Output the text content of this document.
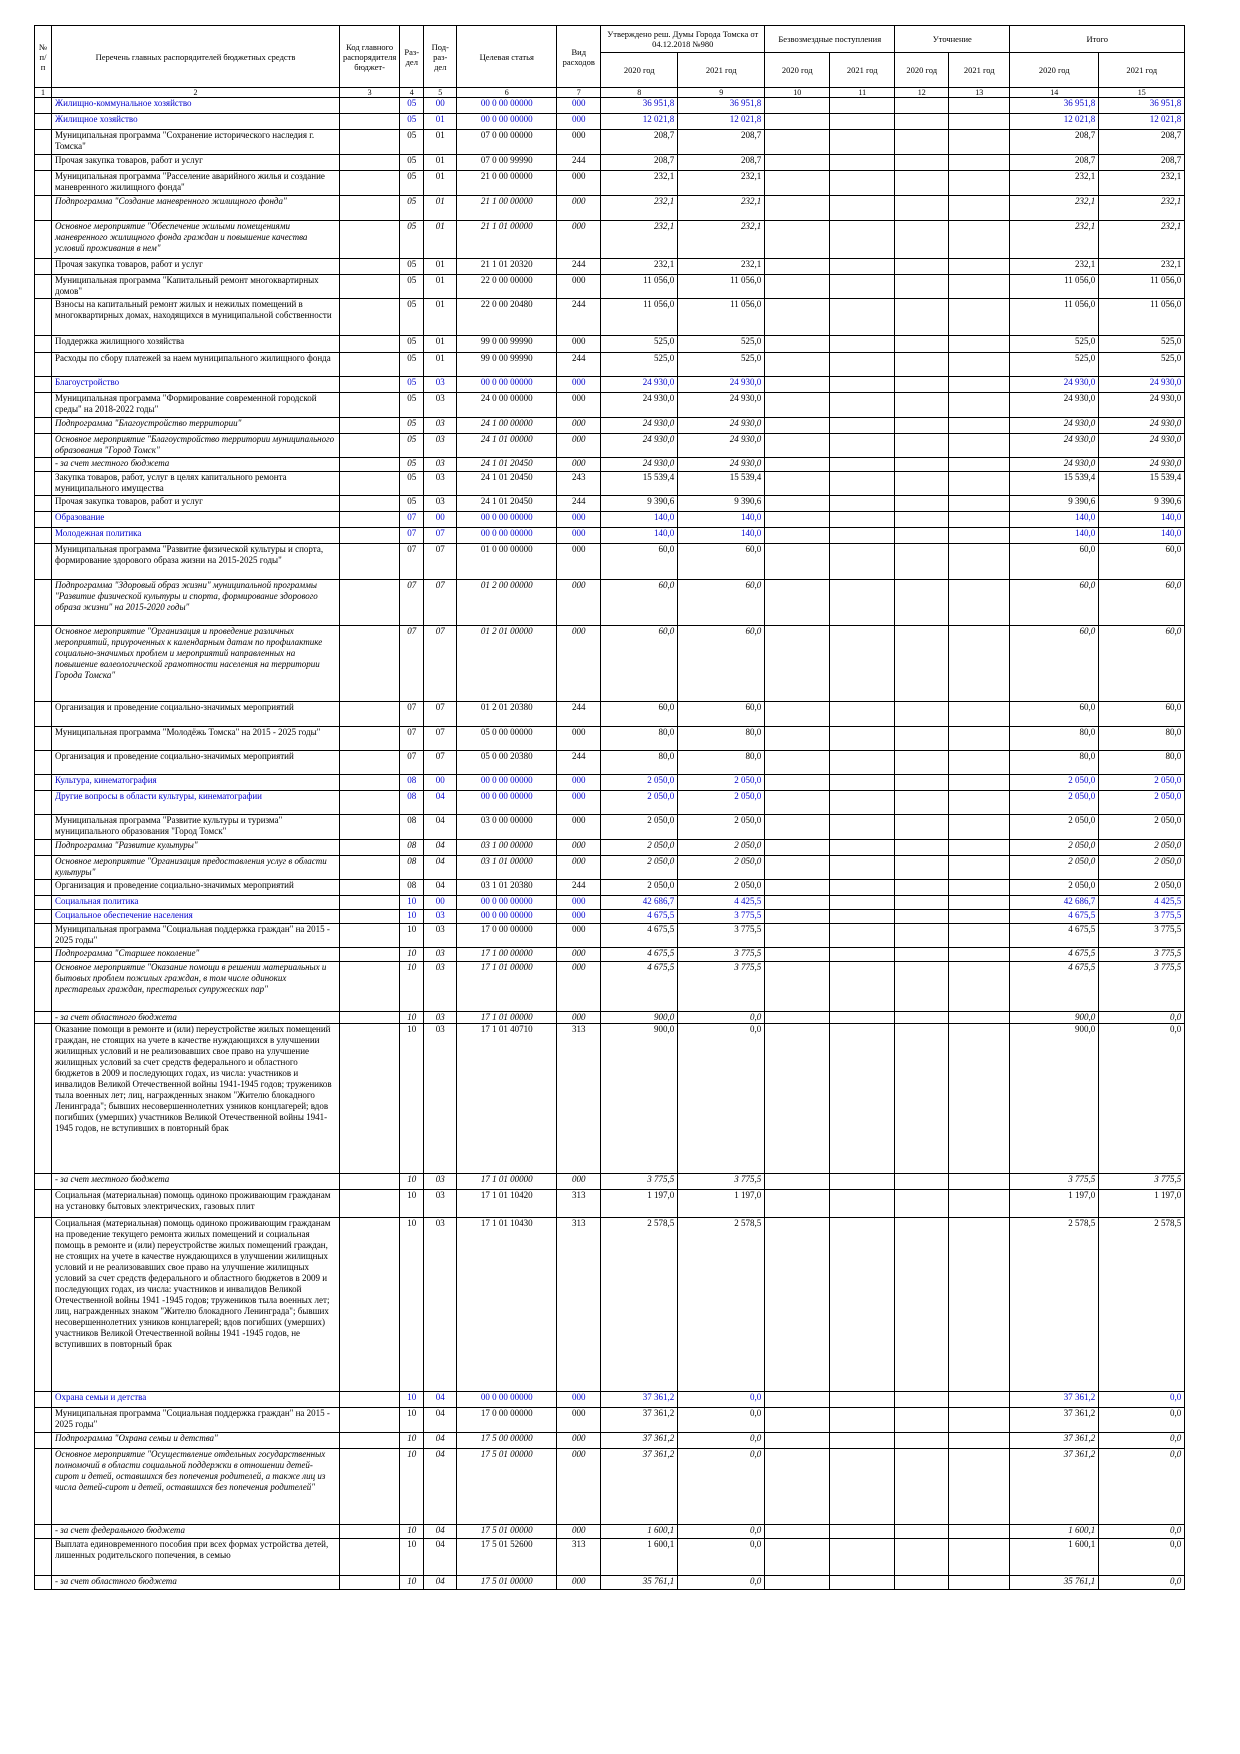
№ п/п	Перечень главных распорядителей бюджетных средств	Код главного распорядителя бюджет-	Раз-дел	Под-раз-дел	Целевая статья	Вид расходов	Утверждено реш. Думы Города Томска от 04.12.2018 №980		Безвозмездные поступления		Уточнение		Итого	
							2020 год	2021 год	2020 год	2021 год	2020 год	2021 год	2020 год	2021 год
1	2	3	4	5	6	7	8	9	10	11	12	13	14	15
	Жилищно-коммунальное хозяйство		05	00	00 0 00 00000	000	36 951,8	36 951,8					36 951,8	36 951,8
	Жилищное хозяйство		05	01	00 0 00 00000	000	12 021,8	12 021,8					12 021,8	12 021,8
	Муниципальная программа "Сохранение исторического наследия г. Томска"		05	01	07 0 00 00000	000	208,7	208,7					208,7	208,7
	Прочая закупка товаров, работ и услуг		05	01	07 0 00 99990	244	208,7	208,7					208,7	208,7
	Муниципальная программа "Расселение аварийного жилья и создание маневренного жилищного фонда"		05	01	21 0 00 00000	000	232,1	232,1					232,1	232,1
	Подпрограмма "Создание маневренного жилищного фонда"		05	01	21 1 00 00000	000	232,1	232,1					232,1	232,1
	Основное мероприятие "Обеспечение жилыми помещениями маневренного жилищного фонда граждан и повышение качества условий проживания в нем"		05	01	21 1 01 00000	000	232,1	232,1					232,1	232,1
	Прочая закупка товаров, работ и услуг		05	01	21 1 01 20320	244	232,1	232,1					232,1	232,1
	Муниципальная программа "Капитальный ремонт многоквартирных домов"		05	01	22 0 00 00000	000	11 056,0	11 056,0					11 056,0	11 056,0
	Взносы на капитальный ремонт жилых и нежилых помещений в многоквартирных домах, находящихся в муниципальной собственности		05	01	22 0 00 20480	244	11 056,0	11 056,0					11 056,0	11 056,0
	Поддержка жилищного хозяйства		05	01	99 0 00 99990	000	525,0	525,0					525,0	525,0
	Расходы по сбору платежей за наем муниципального жилищного фонда		05	01	99 0 00 99990	244	525,0	525,0					525,0	525,0
	Благоустройство		05	03	00 0 00 00000	000	24 930,0	24 930,0					24 930,0	24 930,0
	Муниципальная программа "Формирование современной городской среды" на 2018-2022 годы"		05	03	24 0 00 00000	000	24 930,0	24 930,0					24 930,0	24 930,0
	Подпрограмма "Благоустройство территории"		05	03	24 1 00 00000	000	24 930,0	24 930,0					24 930,0	24 930,0
	Основное мероприятие "Благоустройство территории муниципального образования "Город Томск"		05	03	24 1 01 00000	000	24 930,0	24 930,0					24 930,0	24 930,0
	- за счет местного бюджета		05	03	24 1 01 20450	000	24 930,0	24 930,0					24 930,0	24 930,0
	Закупка товаров, работ, услуг в целях капитального ремонта муниципального имущества		05	03	24 1 01 20450	243	15 539,4	15 539,4					15 539,4	15 539,4
	Прочая закупка товаров, работ и услуг		05	03	24 1 01 20450	244	9 390,6	9 390,6					9 390,6	9 390,6
	Образование		07	00	00 0 00 00000	000	140,0	140,0					140,0	140,0
	Молодежная политика		07	07	00 0 00 00000	000	140,0	140,0					140,0	140,0
	Муниципальная программа "Развитие физической культуры и спорта, формирование здорового образа жизни на 2015-2025 годы"		07	07	01 0 00 00000	000	60,0	60,0					60,0	60,0
	Подпрограмма "Здоровый образ жизни" муниципальной программы "Развитие физической культуры и спорта, формирование здорового образа жизни" на 2015-2020 годы"		07	07	01 2 00 00000	000	60,0	60,0					60,0	60,0
	Основное мероприятие "Организация и проведение различных мероприятий, приуроченных к календарным датам по профилактике социально-значимых проблем и мероприятий направленных на повышение валеологической грамотности населения на территории Города Томска"		07	07	01 2 01 00000	000	60,0	60,0					60,0	60,0
	Организация и проведение социально-значимых мероприятий		07	07	01 2 01 20380	244	60,0	60,0					60,0	60,0
	Муниципальная программа "Молодёжь Томска" на 2015 - 2025 годы"		07	07	05 0 00 00000	000	80,0	80,0					80,0	80,0
	Организация и проведение социально-значимых мероприятий		07	07	05 0 00 20380	244	80,0	80,0					80,0	80,0
	Культура, кинематография		08	00	00 0 00 00000	000	2 050,0	2 050,0					2 050,0	2 050,0
	Другие вопросы в области культуры, кинематографии		08	04	00 0 00 00000	000	2 050,0	2 050,0					2 050,0	2 050,0
	Муниципальная программа "Развитие культуры и туризма" муниципального образования "Город Томск"		08	04	03 0 00 00000	000	2 050,0	2 050,0					2 050,0	2 050,0
	Подпрограмма "Развитие культуры"		08	04	03 1 00 00000	000	2 050,0	2 050,0					2 050,0	2 050,0
	Основное мероприятие "Организация предоставления услуг в области культуры"		08	04	03 1 01 00000	000	2 050,0	2 050,0					2 050,0	2 050,0
	Организация и проведение социально-значимых мероприятий		08	04	03 1 01 20380	244	2 050,0	2 050,0					2 050,0	2 050,0
	Социальная политика		10	00	00 0 00 00000	000	42 686,7	4 425,5					42 686,7	4 425,5
	Социальное обеспечение населения		10	03	00 0 00 00000	000	4 675,5	3 775,5					4 675,5	3 775,5
	Муниципальная программа "Социальная поддержка граждан" на 2015 - 2025 годы"		10	03	17 0 00 00000	000	4 675,5	3 775,5					4 675,5	3 775,5
	Подпрограмма "Старшее поколение"		10	03	17 1 00 00000	000	4 675,5	3 775,5					4 675,5	3 775,5
	Основное мероприятие "Оказание помощи в решении материальных и бытовых проблем пожилых граждан, в том числе одиноких престарелых граждан, престарелых супружеских пар"		10	03	17 1 01 00000	000	4 675,5	3 775,5					4 675,5	3 775,5
	- за счет областного бюджета		10	03	17 1 01 00000	000	900,0	0,0					900,0	0,0
	Оказание помощи в ремонте и (или) переустройстве жилых помещений граждан, не стоящих на учете в качестве нуждающихся в улучшении жилищных условий и не реализовавших свое право на улучшение жилищных условий за счет средств федерального и областного бюджетов в 2009 и последующих годах, из числа: участников и инвалидов Великой Отечественной войны 1941-1945 годов; тружеников тыла военных лет; лиц, награжденных знаком "Жителю блокадного Ленинграда"; бывших несовершеннолетних узников концлагерей; вдов погибших (умерших) участников Великой Отечественной войны 1941-1945 годов, не вступивших в повторный брак		10	03	17 1 01 40710	313	900,0	0,0					900,0	0,0
	- за счет местного бюджета		10	03	17 1 01 00000	000	3 775,5	3 775,5					3 775,5	3 775,5
	Социальная (материальная) помощь одиноко проживающим гражданам на установку бытовых электрических, газовых плит		10	03	17 1 01 10420	313	1 197,0	1 197,0					1 197,0	1 197,0
	Социальная (материальная) помощь одиноко проживающим гражданам на проведение текущего ремонта жилых помещений и социальная помощь в ремонте и (или) переустройстве жилых помещений граждан, не стоящих на учете в качестве нуждающихся в улучшении жилищных условий и не реализовавших свое право на улучшение жилищных условий за счет средств федерального и областного бюджетов в 2009 и последующих годах, из числа: участников и инвалидов Великой Отечественной войны 1941 -1945 годов; тружеников тыла военных лет; лиц, награжденных знаком "Жителю блокадного Ленинграда"; бывших несовершеннолетних узников концлагерей; вдов погибших (умерших) участников Великой Отечественной войны 1941 -1945 годов, не вступивших в повторный брак		10	03	17 1 01 10430	313	2 578,5	2 578,5					2 578,5	2 578,5
	Охрана семьи и детства		10	04	00 0 00 00000	000	37 361,2	0,0					37 361,2	0,0
	Муниципальная программа "Социальная поддержка граждан" на 2015 - 2025 годы"		10	04	17 0 00 00000	000	37 361,2	0,0					37 361,2	0,0
	Подпрограмма "Охрана семьи и детства"		10	04	17 5 00 00000	000	37 361,2	0,0					37 361,2	0,0
	Основное мероприятие "Осуществление отдельных государственных полномочий в области социальной поддержки в отношении детей-сирот и детей, оставшихся без попечения родителей, а также лиц из числа детей-сирот и детей, оставшихся без попечения родителей"		10	04	17 5 01 00000	000	37 361,2	0,0					37 361,2	0,0
	- за счет федерального бюджета		10	04	17 5 01 00000	000	1 600,1	0,0					1 600,1	0,0
	Выплата единовременного пособия при всех формах устройства детей, лишенных родительского попечения, в семью		10	04	17 5 01 52600	313	1 600,1	0,0					1 600,1	0,0
	- за счет областного бюджета		10	04	17 5 01 00000	000	35 761,1	0,0					35 761,1	0,0
